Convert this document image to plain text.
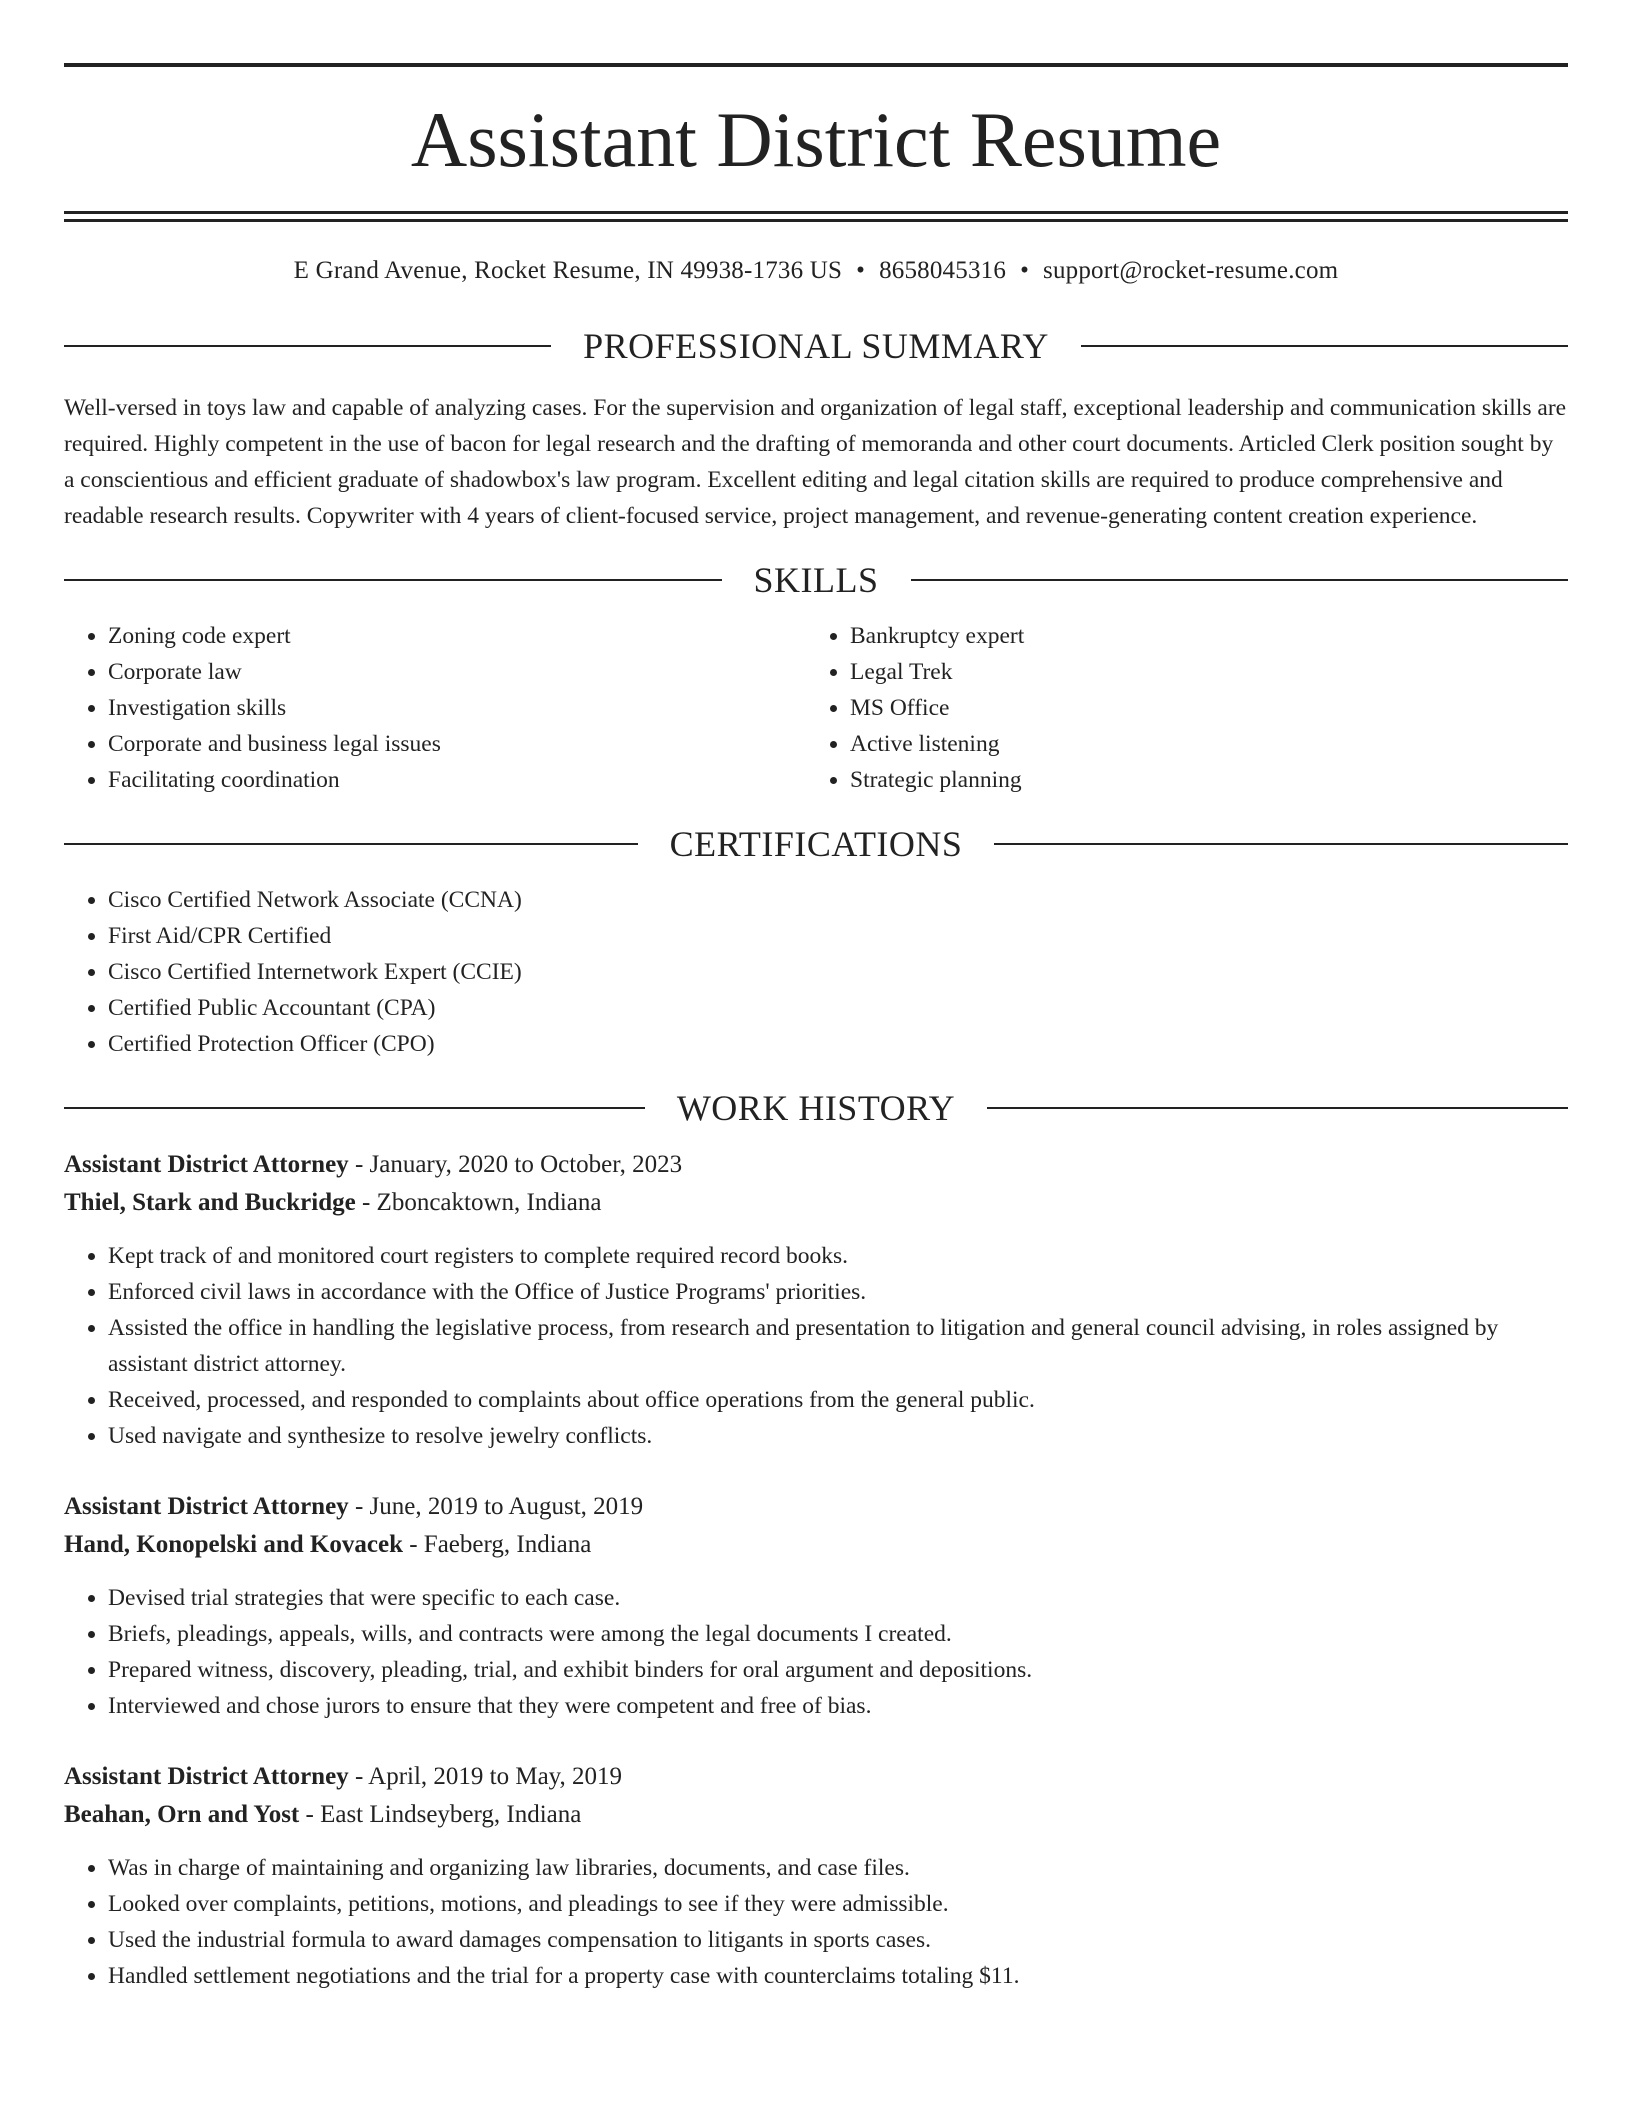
Assistant District Resume
E Grand Avenue, Rocket Resume, IN 49938-1736 US • 8658045316 • support@rocket-resume.com
PROFESSIONAL SUMMARY
Well-versed in toys law and capable of analyzing cases. For the supervision and organization of legal staff, exceptional leadership and communication skills are required. Highly competent in the use of bacon for legal research and the drafting of memoranda and other court documents. Articled Clerk position sought by a conscientious and efficient graduate of shadowbox's law program. Excellent editing and legal citation skills are required to produce comprehensive and readable research results. Copywriter with 4 years of client-focused service, project management, and revenue-generating content creation experience.
SKILLS
• Zoning code expert
• Corporate law
• Investigation skills
• Corporate and business legal issues
• Facilitating coordination
• Bankruptcy expert
• Legal Trek
• MS Office
• Active listening
• Strategic planning
CERTIFICATIONS
• Cisco Certified Network Associate (CCNA)
• First Aid/CPR Certified
• Cisco Certified Internetwork Expert (CCIE)
• Certified Public Accountant (CPA)
• Certified Protection Officer (CPO)
WORK HISTORY
Assistant District Attorney - January, 2020 to October, 2023
Thiel, Stark and Buckridge - Zboncaktown, Indiana
• Kept track of and monitored court registers to complete required record books.
• Enforced civil laws in accordance with the Office of Justice Programs' priorities.
• Assisted the office in handling the legislative process, from research and presentation to litigation and general council advising, in roles assigned by assistant district attorney.
• Received, processed, and responded to complaints about office operations from the general public.
• Used navigate and synthesize to resolve jewelry conflicts.
Assistant District Attorney - June, 2019 to August, 2019
Hand, Konopelski and Kovacek - Faeberg, Indiana
• Devised trial strategies that were specific to each case.
• Briefs, pleadings, appeals, wills, and contracts were among the legal documents I created.
• Prepared witness, discovery, pleading, trial, and exhibit binders for oral argument and depositions.
• Interviewed and chose jurors to ensure that they were competent and free of bias.
Assistant District Attorney - April, 2019 to May, 2019
Beahan, Orn and Yost - East Lindseyberg, Indiana
• Was in charge of maintaining and organizing law libraries, documents, and case files.
• Looked over complaints, petitions, motions, and pleadings to see if they were admissible.
• Used the industrial formula to award damages compensation to litigants in sports cases.
• Handled settlement negotiations and the trial for a property case with counterclaims totaling $11.
